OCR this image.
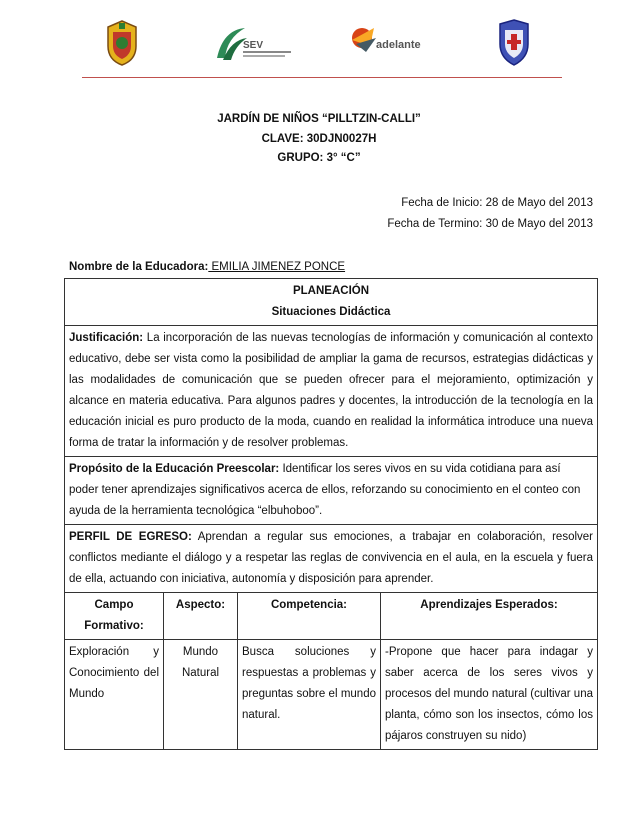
SEV	adelante
JARDÍN DE NIÑOS “PILLTZIN-CALLI”
CLAVE: 30DJN0027H
GRUPO: 3° “C”
Fecha de Inicio: 28 de Mayo del 2013
Fecha de Termino: 30 de Mayo del 2013
Nombre de la Educadora: EMILIA JIMENEZ PONCE
PLANEACIÓN
Situaciones Didáctica			

Justificación: La incorporación de las nuevas tecnologías de información y comunicación al contexto educativo, debe ser vista como la posibilidad de ampliar la gama de recursos, estrategias didácticas y las modalidades de comunicación que se pueden ofrecer para el mejoramiento, optimización y alcance en materia educativa. Para algunos padres y docentes, la introducción de la tecnología en la educación inicial es puro producto de la moda, cuando en realidad la informática introduce una nueva forma de tratar la información y de resolver problemas.			
Propósito de la Educación Preescolar: Identificar los seres vivos en su vida cotidiana para así poder tener aprendizajes significativos acerca de ellos, reforzando su conocimiento en el conteo con ayuda de la herramienta tecnológica “elbuhoboo”.			
PERFIL DE EGRESO: Aprendan a regular sus emociones, a trabajar en colaboración, resolver conflictos mediante el diálogo y a respetar las reglas de convivencia en el aula, en la escuela y fuera de ella, actuando con iniciativa, autonomía y disposición para aprender.			
Campo Formativo:	Aspecto:	Competencia:	Aprendizajes Esperados:
Exploración y Conocimiento del Mundo	Mundo Natural	Busca soluciones y respuestas a problemas y preguntas sobre el mundo natural.	-Propone que hacer para indagar y saber acerca de los seres vivos y procesos del mundo natural (cultivar una planta, cómo son los insectos, cómo los pájaros construyen su nido)
